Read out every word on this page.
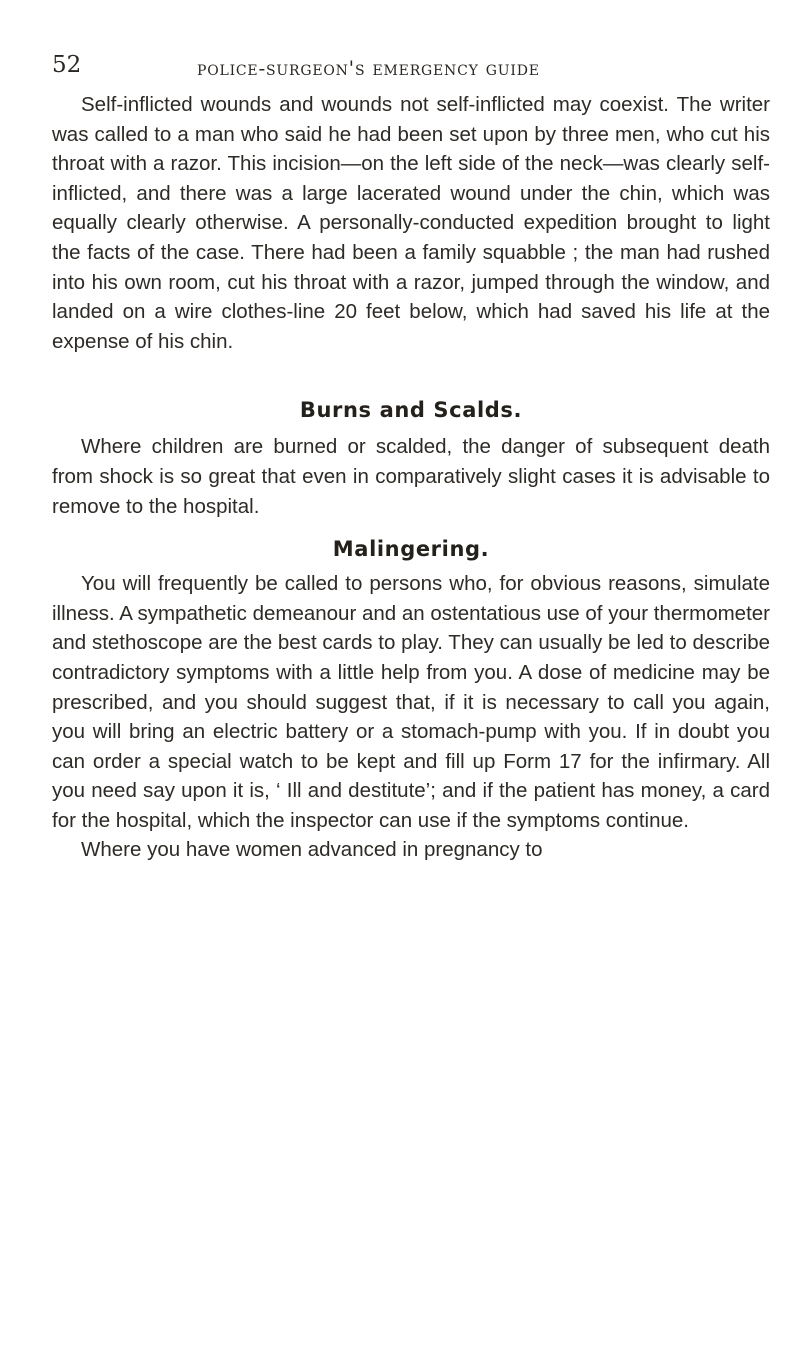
52	police-surgeon's emergency guide

Self-inflicted wounds and wounds not self-inflicted may coexist. The writer was called to a man who said he had been set upon by three men, who cut his throat with a razor. This incision—on the left side of the neck—was clearly self-inflicted, and there was a large lacerated wound under the chin, which was equally clearly otherwise. A personally-conducted expedition brought to light the facts of the case. There had been a family squabble ; the man had rushed into his own room, cut his throat with a razor, jumped through the window, and landed on a wire clothes-line 20 feet below, which had saved his life at the expense of his chin.

Burns and Scalds.

Where children are burned or scalded, the danger of subsequent death from shock is so great that even in comparatively slight cases it is advisable to remove to the hospital.

Malingering.

You will frequently be called to persons who, for obvious reasons, simulate illness. A sympathetic demeanour and an ostentatious use of your thermometer and stethoscope are the best cards to play. They can usually be led to describe contradictory symptoms with a little help from you. A dose of medicine may be prescribed, and you should suggest that, if it is necessary to call you again, you will bring an electric battery or a stomach-pump with you. If in doubt you can order a special watch to be kept and fill up Form 17 for the infirmary. All you need say upon it is, ‘ Ill and destitute’; and if the patient has money, a card for the hospital, which the inspector can use if the symptoms continue.

Where you have women advanced in pregnancy to
